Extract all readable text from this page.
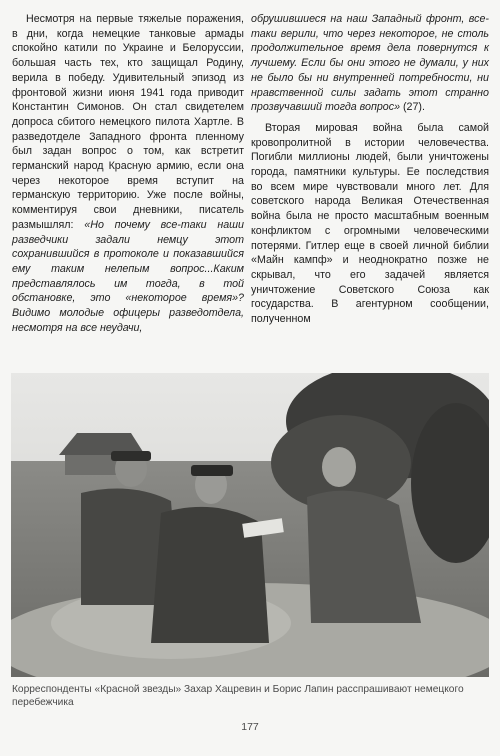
Несмотря на первые тяжелые поражения, в дни, когда немецкие танковые армады спокойно катили по Украине и Белоруссии, большая часть тех, кто защищал Родину, верила в победу. Удивительный эпизод из фронтовой жизни июня 1941 года приводит Константин Симонов. Он стал свидетелем допроса сбитого немецкого пилота Хартле. В разведотделе Западного фронта пленному был задан вопрос о том, как встретит германский народ Красную армию, если она через некоторое время вступит на германскую территорию. Уже после войны, комментируя свои дневники, писатель размышлял: «Но почему все-таки наши разведчики задали немцу этот сохранившийся в протоколе и показавшийся ему таким нелепым вопрос...Каким представлялось им тогда, в той обстановке, это «некоторое время»? Видимо молодые офицеры разведотдела, несмотря на все неудачи,

обрушившиеся на наш Западный фронт, все-таки верили, что через некоторое, не столь продолжительное время дела повернутся к лучшему. Если бы они этого не думали, у них не было бы ни внутренней потребности, ни нравственной силы задать этот странно прозвучавший тогда вопрос» (27).

Вторая мировая война была самой кровопролитной в истории человечества. Погибли миллионы людей, были уничтожены города, памятники культуры. Ее последствия во всем мире чувствовали много лет. Для советского народа Великая Отечественная война была не просто масштабным военным конфликтом с огромными человеческими потерями. Гитлер еще в своей личной библии «Майн кампф» и неоднократно позже не скрывал, что его задачей является уничтожение Советского Союза как государства. В агентурном сообщении, полученном

Корреспонденты «Красной звезды» Захар Хацревин и Борис Лапин расспрашивают немецкого перебежчика
177
